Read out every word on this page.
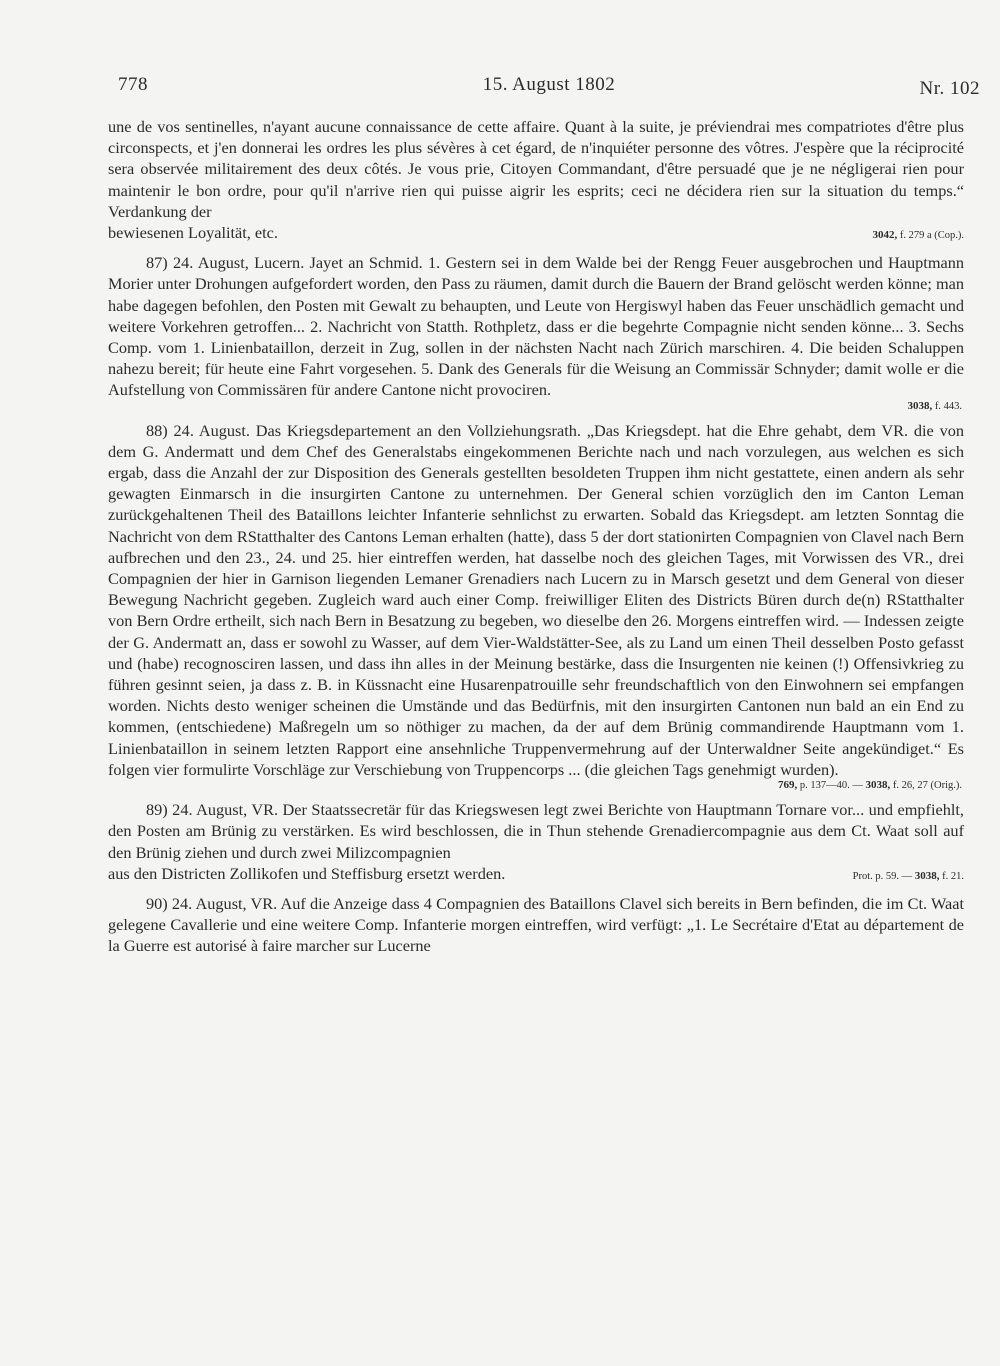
778	15. August 1802	Nr. 102

une de vos sentinelles, n'ayant aucune connaissance de cette affaire. Quant à la suite, je préviendrai mes compatriotes d'être plus circonspects, et j'en donnerai les ordres les plus sévères à cet égard, de n'inquiéter personne des vôtres. J'espère que la réciprocité sera observée militairement des deux côtés. Je vous prie, Citoyen Commandant, d'être persuadé que je ne négligerai rien pour maintenir le bon ordre, pour qu'il n'arrive rien qui puisse aigrir les esprits; ceci ne décidera rien sur la situation du temps.“ Verdankung der

bewiesenen Loyalität, etc.	3042, f. 279 a (Cop.).

87) 24. August, Lucern. Jayet an Schmid. 1. Gestern sei in dem Walde bei der Rengg Feuer ausgebrochen und Hauptmann Morier unter Drohungen aufgefordert worden, den Pass zu räumen, damit durch die Bauern der Brand gelöscht werden könne; man habe dagegen befohlen, den Posten mit Gewalt zu behaupten, und Leute von Hergiswyl haben das Feuer unschädlich gemacht und weitere Vorkehren getroffen... 2. Nachricht von Statth. Rothpletz, dass er die begehrte Compagnie nicht senden könne... 3. Sechs Comp. vom 1. Linienbataillon, derzeit in Zug, sollen in der nächsten Nacht nach Zürich marschiren. 4. Die beiden Schaluppen nahezu bereit; für heute eine Fahrt vorgesehen. 5. Dank des Generals für die Weisung an Commissär Schnyder; damit wolle er die Aufstellung von Commissären für andere Cantone nicht provociren.

3038, f. 443.

88) 24. August. Das Kriegsdepartement an den Vollziehungsrath. „Das Kriegsdept. hat die Ehre gehabt, dem VR. die von dem G. Andermatt und dem Chef des Generalstabs eingekommenen Berichte nach und nach vorzulegen, aus welchen es sich ergab, dass die Anzahl der zur Disposition des Generals gestellten besoldeten Truppen ihm nicht gestattete, einen andern als sehr gewagten Einmarsch in die insurgirten Cantone zu unternehmen. Der General schien vorzüglich den im Canton Leman zurückgehaltenen Theil des Bataillons leichter Infanterie sehnlichst zu erwarten. Sobald das Kriegsdept. am letzten Sonntag die Nachricht von dem RStatthalter des Cantons Leman erhalten (hatte), dass 5 der dort stationirten Compagnien von Clavel nach Bern aufbrechen und den 23., 24. und 25. hier eintreffen werden, hat dasselbe noch des gleichen Tages, mit Vorwissen des VR., drei Compagnien der hier in Garnison liegenden Lemaner Grenadiers nach Lucern zu in Marsch gesetzt und dem General von dieser Bewegung Nachricht gegeben. Zugleich ward auch einer Comp. freiwilliger Eliten des Districts Büren durch de(n) RStatthalter von Bern Ordre ertheilt, sich nach Bern in Besatzung zu begeben, wo dieselbe den 26. Morgens eintreffen wird. — Indessen zeigte der G. Andermatt an, dass er sowohl zu Wasser, auf dem Vier-Waldstätter-See, als zu Land um einen Theil desselben Posto gefasst und (habe) recognosciren lassen, und dass ihn alles in der Meinung bestärke, dass die Insurgenten nie keinen (!) Offensivkrieg zu führen gesinnt seien, ja dass z. B. in Küssnacht eine Husarenpatrouille sehr freundschaftlich von den Einwohnern sei empfangen worden. Nichts desto weniger scheinen die Umstände und das Bedürfnis, mit den insurgirten Cantonen nun bald an ein End zu kommen, (entschiedene) Maßregeln um so nöthiger zu machen, da der auf dem Brünig commandirende Hauptmann vom 1. Linienbataillon in seinem letzten Rapport eine ansehnliche Truppenvermehrung auf der Unterwaldner Seite angekündiget.“ Es folgen vier formulirte Vorschläge zur Verschiebung von Truppencorps ... (die gleichen Tags genehmigt wurden).

769, p. 137—40. — 3038, f. 26, 27 (Orig.).

89) 24. August, VR. Der Staatssecretär für das Kriegswesen legt zwei Berichte von Hauptmann Tornare vor... und empfiehlt, den Posten am Brünig zu verstärken. Es wird beschlossen, die in Thun stehende Grenadiercompagnie aus dem Ct. Waat soll auf den Brünig ziehen und durch zwei Milizcompagnien

aus den Districten Zollikofen und Steffisburg ersetzt werden.	Prot. p. 59. — 3038, f. 21.

90) 24. August, VR. Auf die Anzeige dass 4 Compagnien des Bataillons Clavel sich bereits in Bern befinden, die im Ct. Waat gelegene Cavallerie und eine weitere Comp. Infanterie morgen eintreffen, wird verfügt: „1. Le Secrétaire d'Etat au département de la Guerre est autorisé à faire marcher sur Lucerne
